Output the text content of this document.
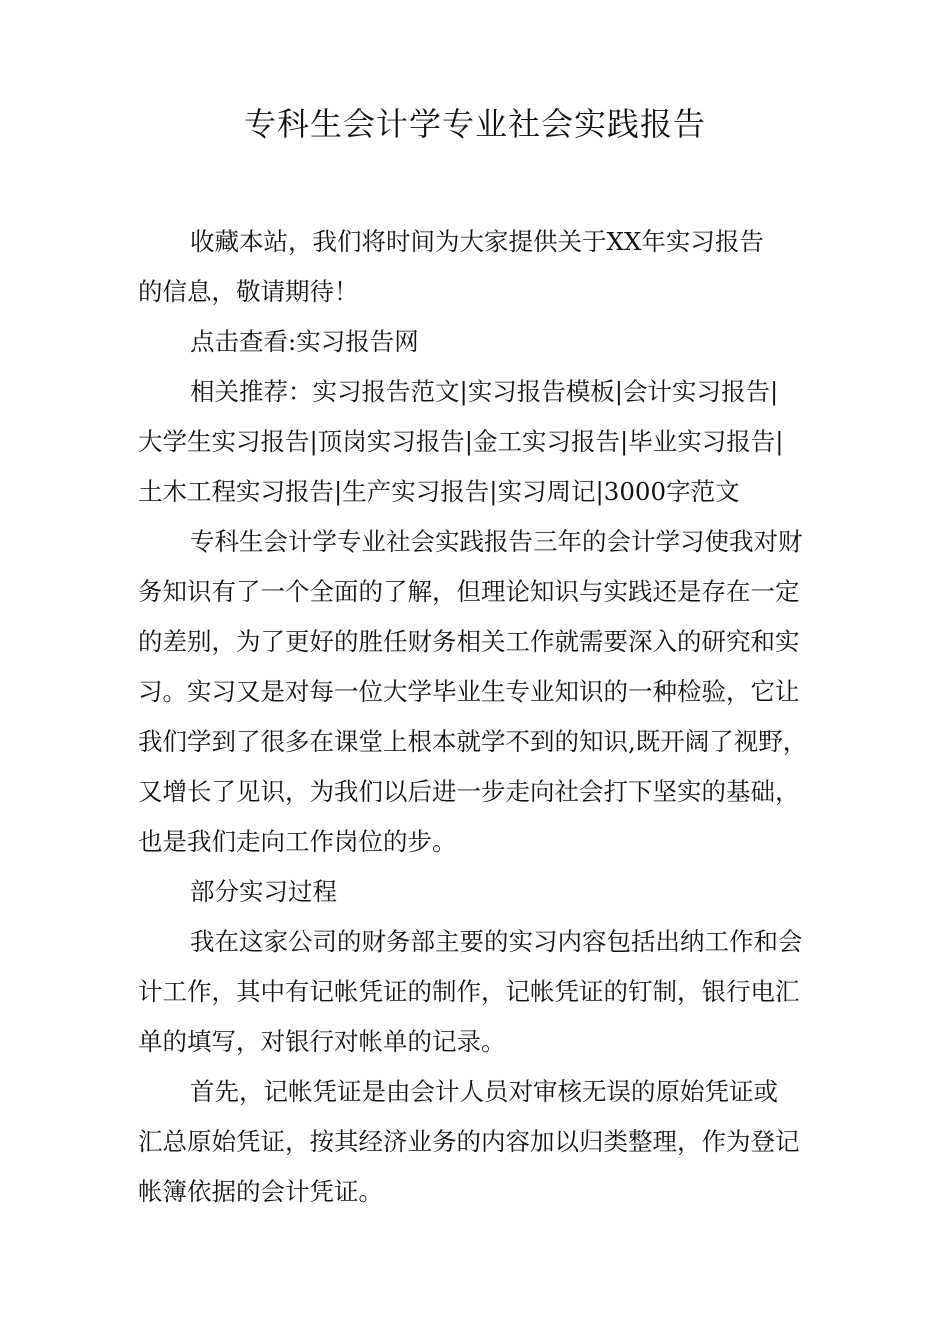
专科生会计学专业社会实践报告
收藏本站，我们将时间为大家提供关于XX年实习报告
的信息，敬请期待！
点击查看:实习报告网
相关推荐：实习报告范文|实习报告模板|会计实习报告|
大学生实习报告|顶岗实习报告|金工实习报告|毕业实习报告|
土木工程实习报告|生产实习报告|实习周记|3000字范文
专科生会计学专业社会实践报告三年的会计学习使我对财
务知识有了一个全面的了解，但理论知识与实践还是存在一定
的差别，为了更好的胜任财务相关工作就需要深入的研究和实
习。实习又是对每一位大学毕业生专业知识的一种检验，它让
我们学到了很多在课堂上根本就学不到的知识,既开阔了视野，
又增长了见识，为我们以后进一步走向社会打下坚实的基础，
也是我们走向工作岗位的步。
部分实习过程
我在这家公司的财务部主要的实习内容包括出纳工作和会
计工作，其中有记帐凭证的制作，记帐凭证的钉制，银行电汇
单的填写，对银行对帐单的记录。
首先，记帐凭证是由会计人员对审核无误的原始凭证或
汇总原始凭证，按其经济业务的内容加以归类整理，作为登记
帐簿依据的会计凭证。
